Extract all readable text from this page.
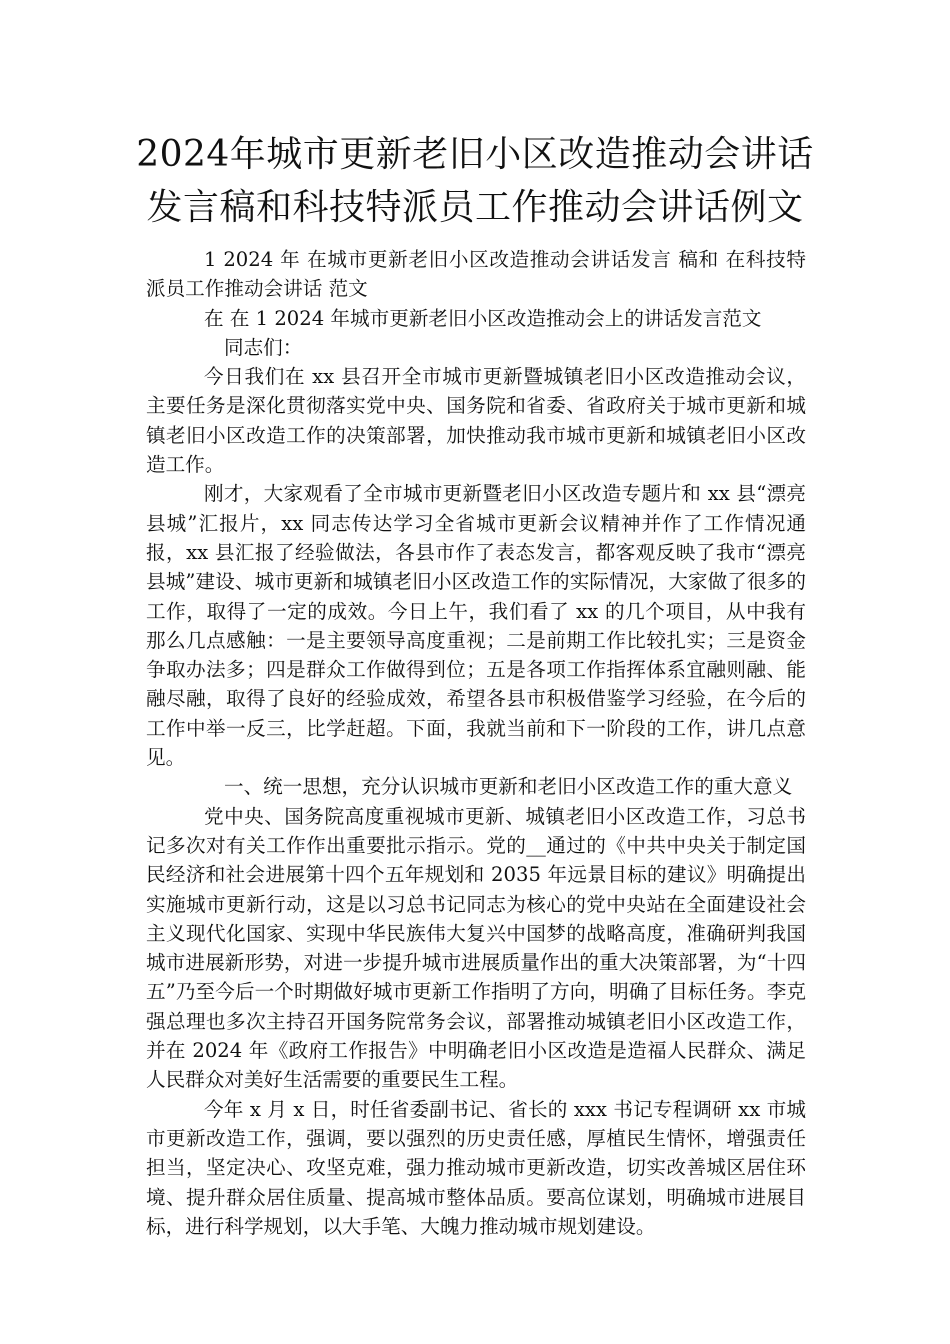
2024年城市更新老旧小区改造推动会讲话
发言稿和科技特派员工作推动会讲话例文

1 2024 年 在城市更新老旧小区改造推动会讲话发言 稿和 在科技特派员工作推动会讲话 范文

在 在 1 2024 年城市更新老旧小区改造推动会上的讲话发言范文

同志们：

今日我们在 xx 县召开全市城市更新暨城镇老旧小区改造推动会议，主要任务是深化贯彻落实党中央、国务院和省委、省政府关于城市更新和城镇老旧小区改造工作的决策部署，加快推动我市城市更新和城镇老旧小区改造工作。

刚才，大家观看了全市城市更新暨老旧小区改造专题片和 xx 县“漂亮县城”汇报片，xx 同志传达学习全省城市更新会议精神并作了工作情况通报，xx 县汇报了经验做法，各县市作了表态发言，都客观反映了我市“漂亮县城”建设、城市更新和城镇老旧小区改造工作的实际情况，大家做了很多的工作，取得了一定的成效。今日上午，我们看了 xx 的几个项目，从中我有那么几点感触：一是主要领导高度重视；二是前期工作比较扎实；三是资金争取办法多；四是群众工作做得到位；五是各项工作指挥体系宜融则融、能融尽融，取得了良好的经验成效，希望各县市积极借鉴学习经验，在今后的工作中举一反三，比学赶超。下面，我就当前和下一阶段的工作，讲几点意见。

一、统一思想，充分认识城市更新和老旧小区改造工作的重大意义

党中央、国务院高度重视城市更新、城镇老旧小区改造工作，习总书记多次对有关工作作出重要批示指示。党的__通过的《中共中央关于制定国民经济和社会进展第十四个五年规划和 2035 年远景目标的建议》明确提出实施城市更新行动，这是以习总书记同志为核心的党中央站在全面建设社会主义现代化国家、实现中华民族伟大复兴中国梦的战略高度，准确研判我国城市进展新形势，对进一步提升城市进展质量作出的重大决策部署，为“十四五”乃至今后一个时期做好城市更新工作指明了方向，明确了目标任务。李克强总理也多次主持召开国务院常务会议，部署推动城镇老旧小区改造工作，并在 2024 年《政府工作报告》中明确老旧小区改造是造福人民群众、满足人民群众对美好生活需要的重要民生工程。

今年 x 月 x 日，时任省委副书记、省长的 xxx 书记专程调研 xx 市城市更新改造工作，强调，要以强烈的历史责任感，厚植民生情怀，增强责任担当，坚定决心、攻坚克难，强力推动城市更新改造，切实改善城区居住环境、提升群众居住质量、提高城市整体品质。要高位谋划，明确城市进展目标，进行科学规划，以大手笔、大魄力推动城市规划建设。
